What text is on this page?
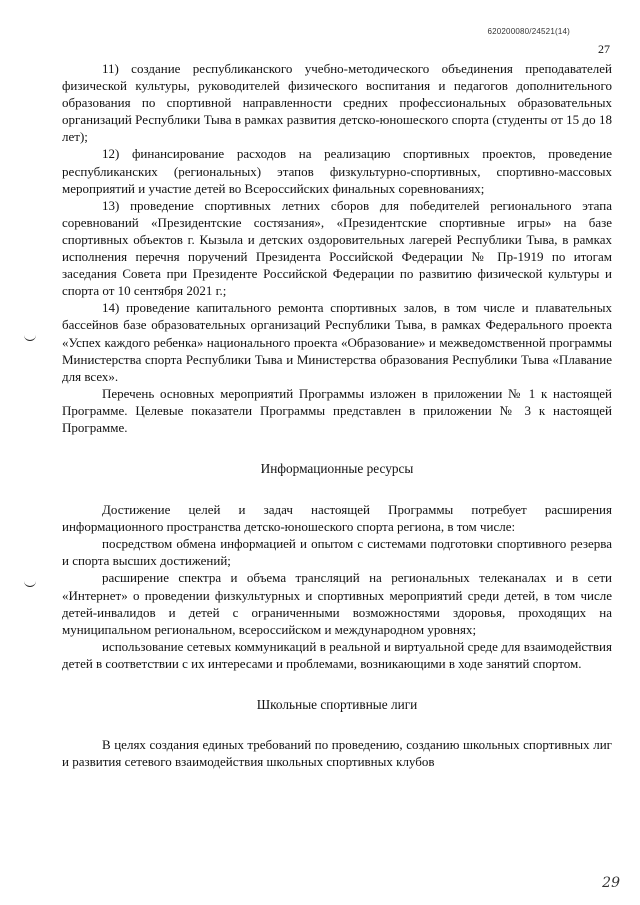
620200080/24521(14)
27

11) создание республиканского учебно-методического объединения преподавателей физической культуры, руководителей физического воспитания и педагогов дополнительного образования по спортивной направленности средних профессиональных образовательных организаций Республики Тыва в рамках развития детско-юношеского спорта (студенты от 15 до 18 лет);

12) финансирование расходов на реализацию спортивных проектов, проведение республиканских (региональных) этапов физкультурно-спортивных, спортивно-массовых мероприятий и участие детей во Всероссийских финальных соревнованиях;

13) проведение спортивных летних сборов для победителей регионального этапа соревнований «Президентские состязания», «Президентские спортивные игры» на базе спортивных объектов г. Кызыла и детских оздоровительных лагерей Республики Тыва, в рамках исполнения перечня поручений Президента Российской Федерации № Пр-1919 по итогам заседания Совета при Президенте Российской Федерации по развитию физической культуры и спорта от 10 сентября 2021 г.;

14) проведение капитального ремонта спортивных залов, в том числе и плавательных бассейнов базе образовательных организаций Республики Тыва, в рамках Федерального проекта «Успех каждого ребенка» национального проекта «Образование» и межведомственной программы Министерства спорта Республики Тыва и Министерства образования Республики Тыва «Плавание для всех».

Перечень основных мероприятий Программы изложен в приложении № 1 к настоящей Программе. Целевые показатели Программы представлен в приложении № 3 к настоящей Программе.

Информационные ресурсы

Достижение целей и задач настоящей Программы потребует расширения информационного пространства детско-юношеского спорта региона, в том числе:

посредством обмена информацией и опытом с системами подготовки спортивного резерва и спорта высших достижений;

расширение спектра и объема трансляций на региональных телеканалах и в сети «Интернет» о проведении физкультурных и спортивных мероприятий среди детей, в том числе детей-инвалидов и детей с ограниченными возможностями здоровья, проходящих на муниципальном региональном, всероссийском и международном уровнях;

использование сетевых коммуникаций в реальной и виртуальной среде для взаимодействия детей в соответствии с их интересами и проблемами, возникающими в ходе занятий спортом.

Школьные спортивные лиги

В целях создания единых требований по проведению, созданию школьных спортивных лиг и развития сетевого взаимодействия школьных спортивных клубов

29
